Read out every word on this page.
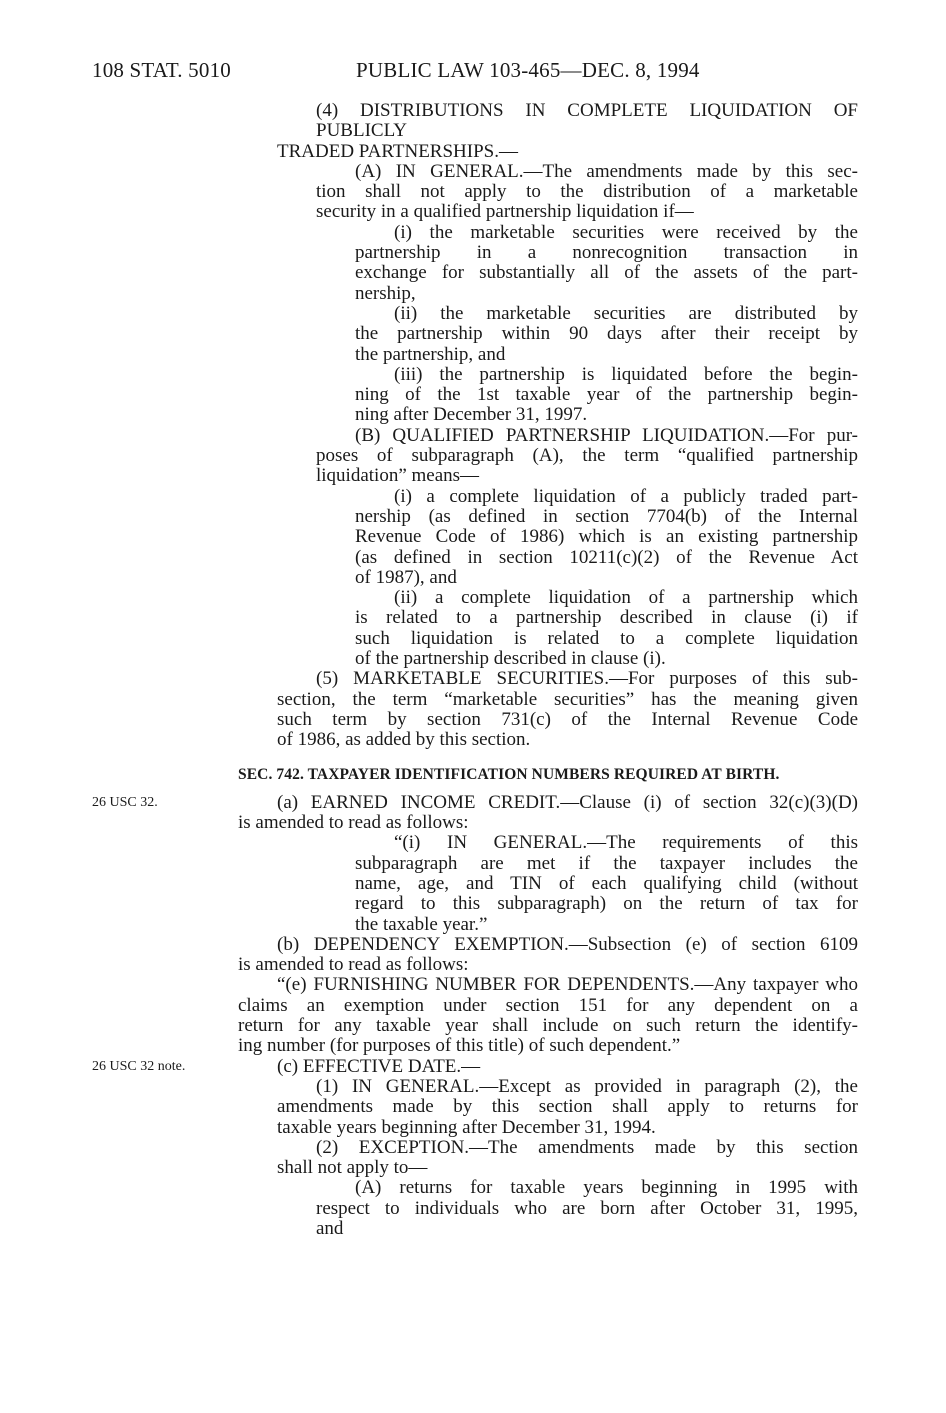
108 STAT. 5010	PUBLIC LAW 103-465—DEC. 8, 1994
(4) DISTRIBUTIONS IN COMPLETE LIQUIDATION OF PUBLICLY
TRADED PARTNERSHIPS.—
(A) IN GENERAL.—The amendments made by this sec-
tion shall not apply to the distribution of a marketable
security in a qualified partnership liquidation if—
(i) the marketable securities were received by the
partnership in a nonrecognition transaction in
exchange for substantially all of the assets of the part-
nership,
(ii) the marketable securities are distributed by
the partnership within 90 days after their receipt by
the partnership, and
(iii) the partnership is liquidated before the begin-
ning of the 1st taxable year of the partnership begin-
ning after December 31, 1997.
(B) QUALIFIED PARTNERSHIP LIQUIDATION.—For pur-
poses of subparagraph (A), the term “qualified partnership
liquidation” means—
(i) a complete liquidation of a publicly traded part-
nership (as defined in section 7704(b) of the Internal
Revenue Code of 1986) which is an existing partnership
(as defined in section 10211(c)(2) of the Revenue Act
of 1987), and
(ii) a complete liquidation of a partnership which
is related to a partnership described in clause (i) if
such liquidation is related to a complete liquidation
of the partnership described in clause (i).
(5) MARKETABLE SECURITIES.—For purposes of this sub-
section, the term “marketable securities” has the meaning given
such term by section 731(c) of the Internal Revenue Code
of 1986, as added by this section.
SEC. 742. TAXPAYER IDENTIFICATION NUMBERS REQUIRED AT BIRTH.
26 USC 32.	(a) EARNED INCOME CREDIT.—Clause (i) of section 32(c)(3)(D)
is amended to read as follows:
“(i) IN GENERAL.—The requirements of this
subparagraph are met if the taxpayer includes the
name, age, and TIN of each qualifying child (without
regard to this subparagraph) on the return of tax for
the taxable year.”
(b) DEPENDENCY EXEMPTION.—Subsection (e) of section 6109
is amended to read as follows:
“(e) FURNISHING NUMBER FOR DEPENDENTS.—Any taxpayer who
claims an exemption under section 151 for any dependent on a
return for any taxable year shall include on such return the identify-
ing number (for purposes of this title) of such dependent.”
26 USC 32 note.	(c) EFFECTIVE DATE.—
(1) IN GENERAL.—Except as provided in paragraph (2), the
amendments made by this section shall apply to returns for
taxable years beginning after December 31, 1994.
(2) EXCEPTION.—The amendments made by this section
shall not apply to—
(A) returns for taxable years beginning in 1995 with
respect to individuals who are born after October 31, 1995,
and
